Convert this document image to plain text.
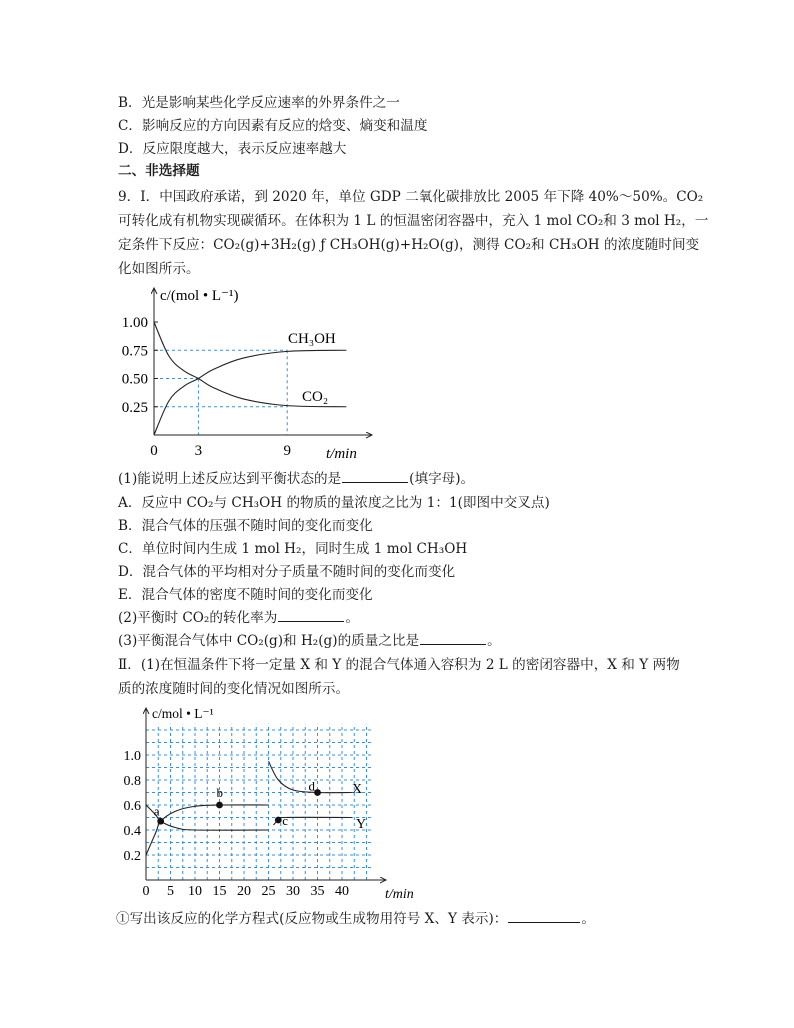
B．光是影响某些化学反应速率的外界条件之一
C．影响反应的方向因素有反应的焓变、熵变和温度
D．反应限度越大，表示反应速率越大
二、非选择题
9．Ⅰ．中国政府承诺，到 2020 年，单位 GDP 二氧化碳排放比 2005 年下降 40%～50%。CO₂
可转化成有机物实现碳循环。在体积为 1 L 的恒温密闭容器中，充入 1 mol CO₂和 3 mol H₂，一
定条件下反应：CO₂(g)+3H₂(g) ƒ CH₃OH(g)+H₂O(g)，测得 CO₂和 CH₃OH 的浓度随时间变
化如图所示。
c/(mol • L⁻¹)
t/min
1.00
0.75
0.50
0.25
0 3	9
CH₃OH
CO₂
(1)能说明上述反应达到平衡状态的是	(填字母)。
A．反应中 CO₂与 CH₃OH 的物质的量浓度之比为 1：1(即图中交叉点)
B．混合气体的压强不随时间的变化而变化
C．单位时间内生成 1 mol H₂，同时生成 1 mol CH₃OH
D．混合气体的平均相对分子质量不随时间的变化而变化
E．混合气体的密度不随时间的变化而变化
(2)平衡时 CO₂的转化率为	。
(3)平衡混合气体中 CO₂(g)和 H₂(g)的质量之比是	。
Ⅱ．(1)在恒温条件下将一定量 X 和 Y 的混合气体通入容积为 2 L 的密闭容器中，X 和 Y 两物
质的浓度随时间的变化情况如图所示。
c/mol • L⁻¹
t/min
1.0
0.8
0.6
0.4
0.2
0 5 10 15 20 25 30 35 40
a
b
c
d	X
Y
①写出该反应的化学方程式(反应物或生成物用符号 X、Y 表示)：	。
